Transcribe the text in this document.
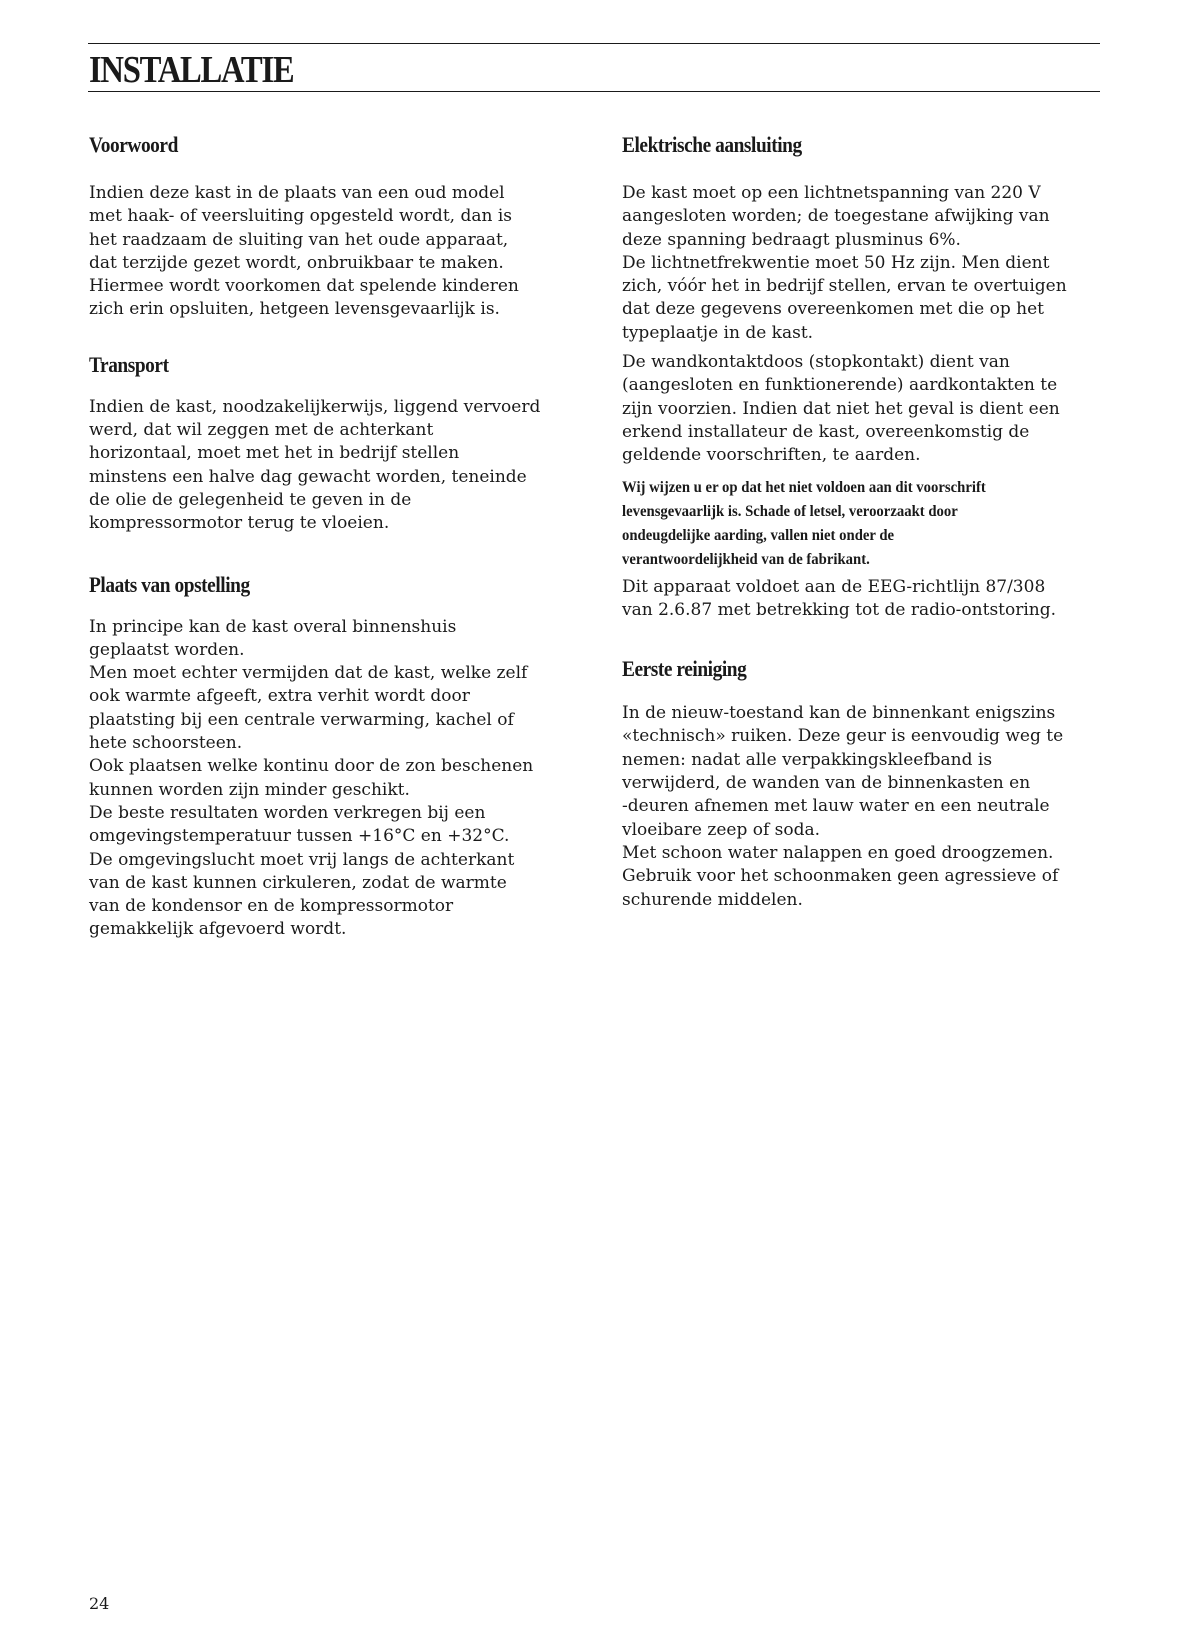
INSTALLATIE
Voorwoord

Indien deze kast in de plaats van een oud model
met haak- of veersluiting opgesteld wordt, dan is
het raadzaam de sluiting van het oude apparaat,
dat terzijde gezet wordt, onbruikbaar te maken.
Hiermee wordt voorkomen dat spelende kinderen
zich erin opsluiten, hetgeen levensgevaarlijk is.

Transport

Indien de kast, noodzakelijkerwijs, liggend vervoerd
werd, dat wil zeggen met de achterkant
horizontaal, moet met het in bedrijf stellen
minstens een halve dag gewacht worden, teneinde
de olie de gelegenheid te geven in de
kompressormotor terug te vloeien.

Plaats van opstelling

In principe kan de kast overal binnenshuis
geplaatst worden.
Men moet echter vermijden dat de kast, welke zelf
ook warmte afgeeft, extra verhit wordt door
plaatsting bij een centrale verwarming, kachel of
hete schoorsteen.
Ook plaatsen welke kontinu door de zon beschenen
kunnen worden zijn minder geschikt.
De beste resultaten worden verkregen bij een
omgevingstemperatuur tussen +16°C en +32°C.
De omgevingslucht moet vrij langs de achterkant
van de kast kunnen cirkuleren, zodat de warmte
van de kondensor en de kompressormotor
gemakkelijk afgevoerd wordt.

Elektrische aansluiting

De kast moet op een lichtnetspanning van 220 V
aangesloten worden; de toegestane afwijking van
deze spanning bedraagt plusminus 6%.
De lichtnetfrekwentie moet 50 Hz zijn. Men dient
zich, vóór het in bedrijf stellen, ervan te overtuigen
dat deze gegevens overeenkomen met die op het
typeplaatje in de kast.

De wandkontaktdoos (stopkontakt) dient van
(aangesloten en funktionerende) aardkontakten te
zijn voorzien. Indien dat niet het geval is dient een
erkend installateur de kast, overeenkomstig de
geldende voorschriften, te aarden.

Wij wijzen u er op dat het niet voldoen aan dit voorschrift
levensgevaarlijk is. Schade of letsel, veroorzaakt door
ondeugdelijke aarding, vallen niet onder de
verantwoordelijkheid van de fabrikant.

Dit apparaat voldoet aan de EEG-richtlijn 87/308
van 2.6.87 met betrekking tot de radio-ontstoring.

Eerste reiniging

In de nieuw-toestand kan de binnenkant enigszins
«technisch» ruiken. Deze geur is eenvoudig weg te
nemen: nadat alle verpakkingskleefband is
verwijderd, de wanden van de binnenkasten en
-deuren afnemen met lauw water en een neutrale
vloeibare zeep of soda.
Met schoon water nalappen en goed droogzemen.
Gebruik voor het schoonmaken geen agressieve of
schurende middelen.

24
